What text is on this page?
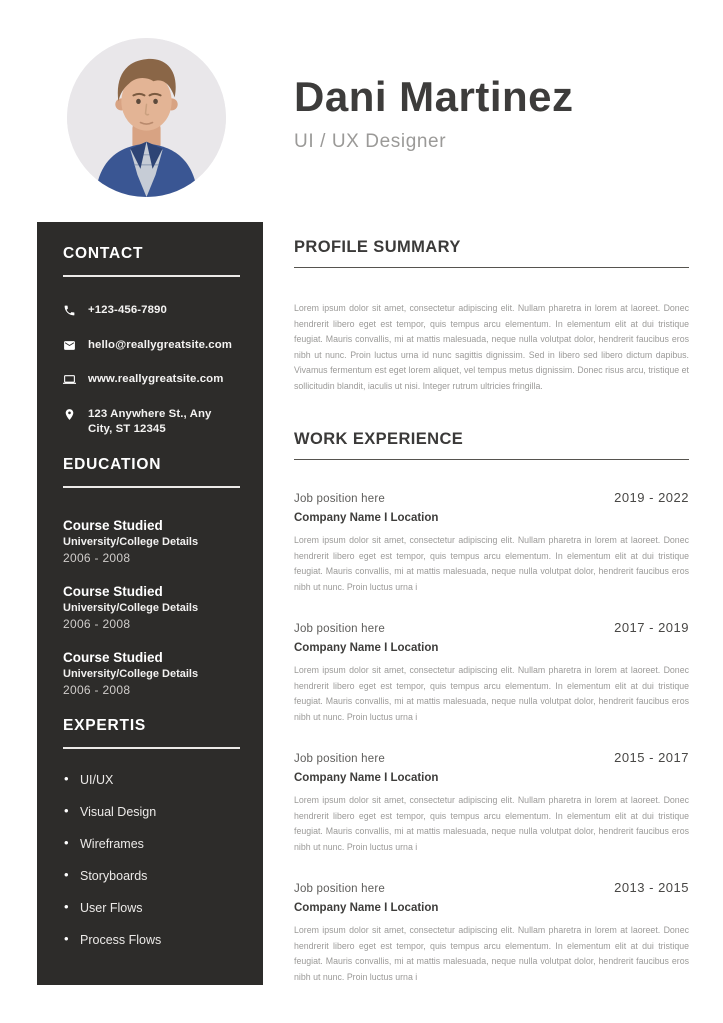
Dani Martinez
UI / UX Designer
CONTACT
+123-456-7890
hello@reallygreatsite.com
www.reallygreatsite.com
123 Anywhere St., Any City, ST 12345
EDUCATION
Course Studied
University/College Details
2006 - 2008
Course Studied
University/College Details
2006 - 2008
Course Studied
University/College Details
2006 - 2008
EXPERTIS
• UI/UX
• Visual Design
• Wireframes
• Storyboards
• User Flows
• Process Flows
PROFILE SUMMARY

Lorem ipsum dolor sit amet, consectetur adipiscing elit. Nullam pharetra in lorem at laoreet. Donec hendrerit libero eget est tempor, quis tempus arcu elementum. In elementum elit at dui tristique feugiat. Mauris convallis, mi at mattis malesuada, neque nulla volutpat dolor, hendrerit faucibus eros nibh ut nunc. Proin luctus urna id nunc sagittis dignissim. Sed in libero sed libero dictum dapibus. Vivamus fermentum est eget lorem aliquet, vel tempus metus dignissim. Donec risus arcu, tristique et sollicitudin blandit, iaculis ut nisi. Integer rutrum ultricies fringilla.

WORK EXPERIENCE
Job position here	2019 - 2022
Company Name I Location

Lorem ipsum dolor sit amet, consectetur adipiscing elit. Nullam pharetra in lorem at laoreet. Donec hendrerit libero eget est tempor, quis tempus arcu elementum. In elementum elit at dui tristique feugiat. Mauris convallis, mi at mattis malesuada, neque nulla volutpat dolor, hendrerit faucibus eros nibh ut nunc. Proin luctus urna i

Job position here	2017 - 2019
Company Name I Location

Lorem ipsum dolor sit amet, consectetur adipiscing elit. Nullam pharetra in lorem at laoreet. Donec hendrerit libero eget est tempor, quis tempus arcu elementum. In elementum elit at dui tristique feugiat. Mauris convallis, mi at mattis malesuada, neque nulla volutpat dolor, hendrerit faucibus eros nibh ut nunc. Proin luctus urna i

Job position here	2015 - 2017
Company Name I Location

Lorem ipsum dolor sit amet, consectetur adipiscing elit. Nullam pharetra in lorem at laoreet. Donec hendrerit libero eget est tempor, quis tempus arcu elementum. In elementum elit at dui tristique feugiat. Mauris convallis, mi at mattis malesuada, neque nulla volutpat dolor, hendrerit faucibus eros nibh ut nunc. Proin luctus urna i

Job position here	2013 - 2015
Company Name I Location

Lorem ipsum dolor sit amet, consectetur adipiscing elit. Nullam pharetra in lorem at laoreet. Donec hendrerit libero eget est tempor, quis tempus arcu elementum. In elementum elit at dui tristique feugiat. Mauris convallis, mi at mattis malesuada, neque nulla volutpat dolor, hendrerit faucibus eros nibh ut nunc. Proin luctus urna i
